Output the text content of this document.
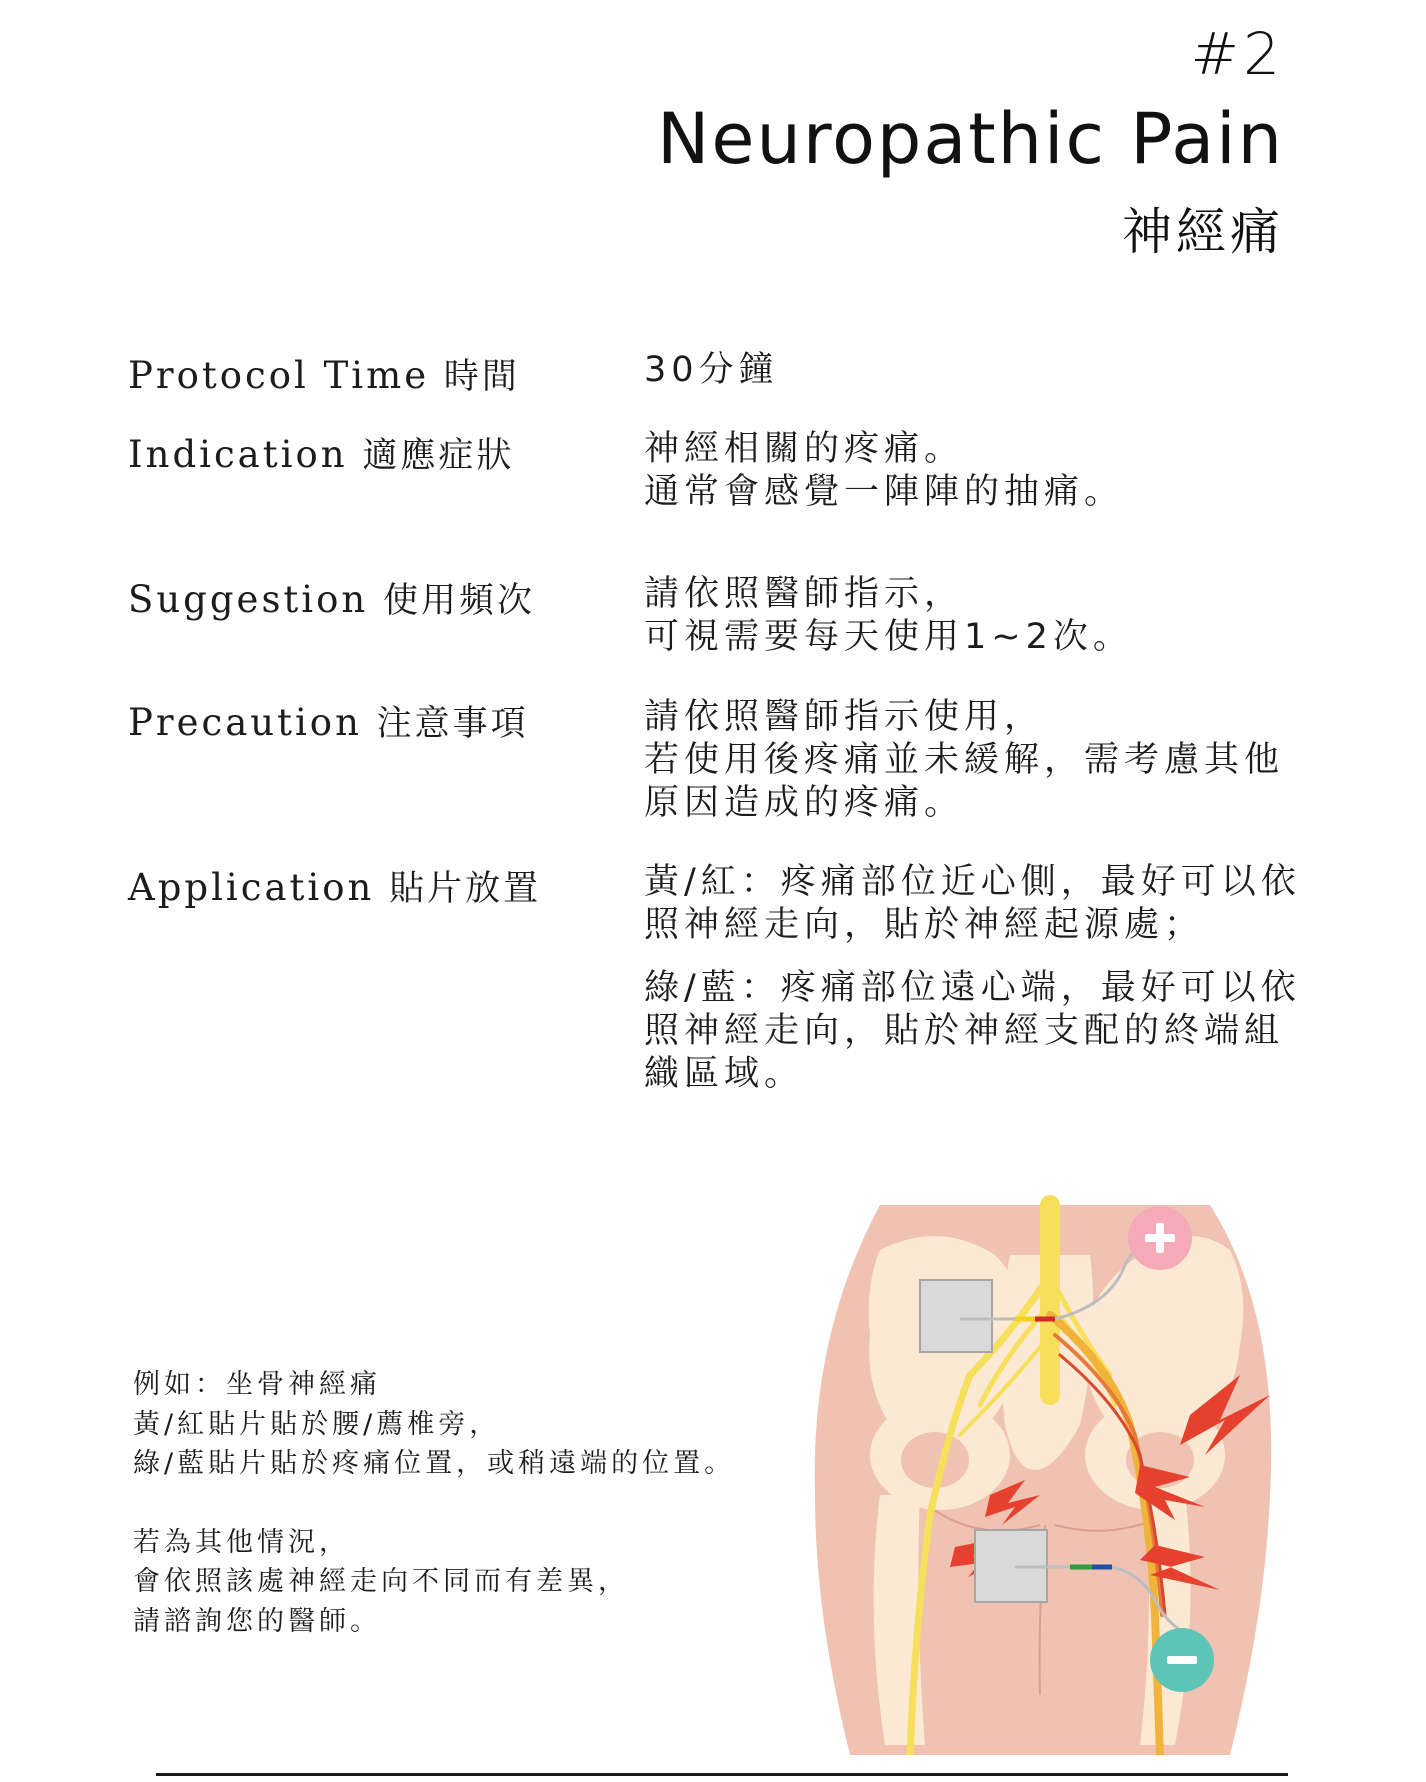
#2
Neuropathic Pain
神經痛
Protocol Time 時間	30分鐘

Indication 適應症狀	神經相關的疼痛。

通常會感覺一陣陣的抽痛。

Suggestion 使用頻次	請依照醫師指示，

可視需要每天使用1~2次。

Precaution 注意事項	請依照醫師指示使用，

若使用後疼痛並未緩解，需考慮其他

原因造成的疼痛。

Application 貼片放置	黃/紅：疼痛部位近心側，最好可以依

照神經走向，貼於神經起源處；

綠/藍：疼痛部位遠心端，最好可以依

照神經走向，貼於神經支配的終端組

織區域。

例如：坐骨神經痛

黃/紅貼片貼於腰/薦椎旁，

綠/藍貼片貼於疼痛位置，或稍遠端的位置。

若為其他情況，

會依照該處神經走向不同而有差異，

請諮詢您的醫師。
